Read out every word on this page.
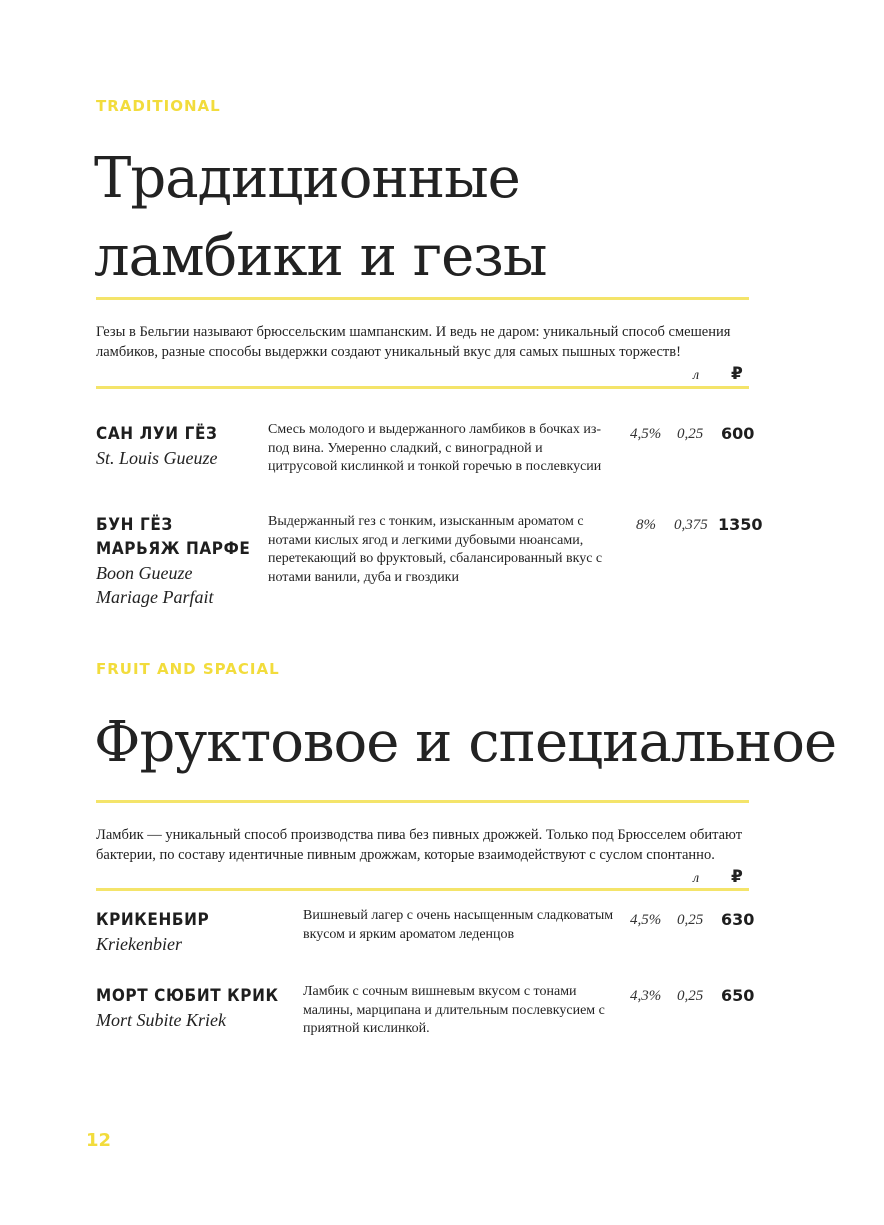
TRADITIONAL
Традиционные
ламбики и гезы
Гезы в Бельгии называют брюссельским шампанским. И ведь не даром: уникальный способ смешения ламбиков, разные способы выдержки создают уникальный вкус для самых пышных торжеств!
л ₽
САН ЛУИ ГЁЗ
St. Louis Gueuze
Смесь молодого и выдержанного ламбиков в бочках из-под вина. Умеренно сладкий, с виноградной и цитрусовой кислинкой и тонкой горечью в послевкусии
4,5% 0,25 600
БУН ГЁЗ
МАРЬЯЖ ПАРФЕ
Boon Gueuze
Mariage Parfait
Выдержанный гез с тонким, изысканным ароматом с нотами кислых ягод и легкими дубовыми нюансами, перетекающий во фруктовый, сбалансированный вкус с нотами ванили, дуба и гвоздики
8% 0,375 1350
FRUIT AND SPACIAL
Фруктовое и специальное
Ламбик — уникальный способ производства пива без пивных дрожжей. Только под Брюсселем обитают бактерии, по составу идентичные пивным дрожжам, которые взаимодействуют с суслом спонтанно.
л ₽
КРИКЕНБИР
Kriekenbier
Вишневый лагер с очень насыщенным сладковатым вкусом и ярким ароматом леденцов
4,5% 0,25 630
МОРТ СЮБИТ КРИК
Mort Subite Kriek
Ламбик с сочным вишневым вкусом с тонами малины, марципана и длительным послевкусием с приятной кислинкой.
4,3% 0,25 650
12
